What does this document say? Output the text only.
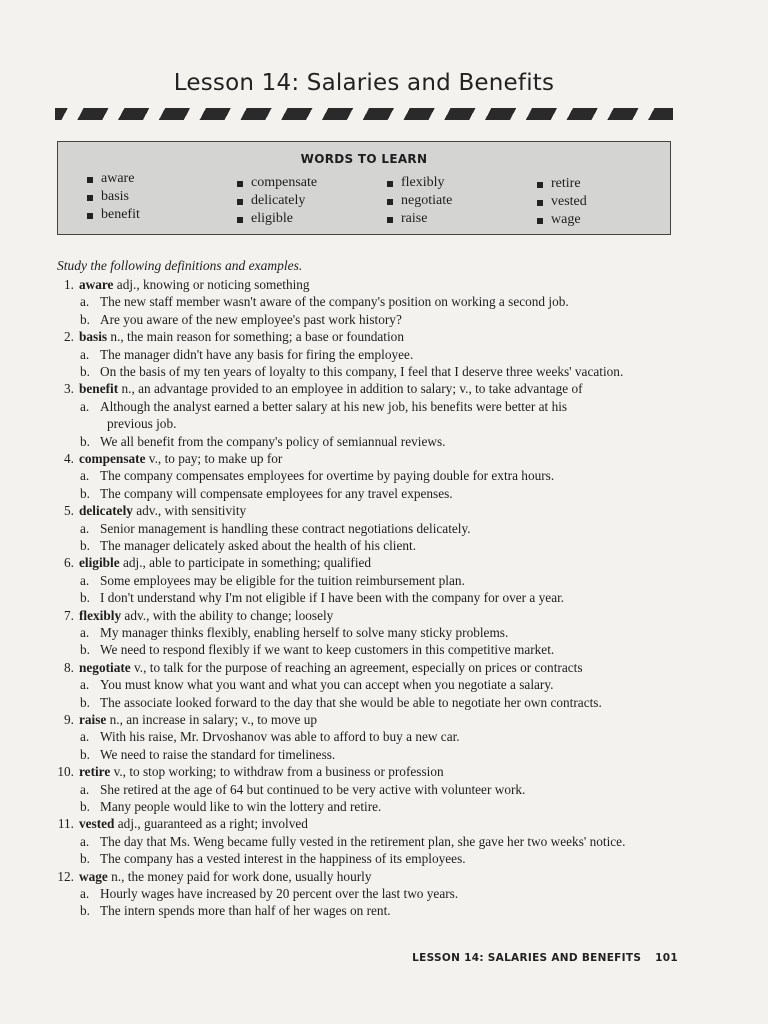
Lesson 14: Salaries and Benefits
WORDS TO LEARN
aware
basis
benefit
compensate
delicately
eligible
flexibly
negotiate
raise
retire
vested
wage
Study the following definitions and examples.
1. aware adj., knowing or noticing something
a. The new staff member wasn't aware of the company's position on working a second job.
b. Are you aware of the new employee's past work history?
2. basis n., the main reason for something; a base or foundation
a. The manager didn't have any basis for firing the employee.
b. On the basis of my ten years of loyalty to this company, I feel that I deserve three weeks' vacation.
3. benefit n., an advantage provided to an employee in addition to salary; v., to take advantage of
a. Although the analyst earned a better salary at his new job, his benefits were better at his
previous job.
b. We all benefit from the company's policy of semiannual reviews.
4. compensate v., to pay; to make up for
a. The company compensates employees for overtime by paying double for extra hours.
b. The company will compensate employees for any travel expenses.
5. delicately adv., with sensitivity
a. Senior management is handling these contract negotiations delicately.
b. The manager delicately asked about the health of his client.
6. eligible adj., able to participate in something; qualified
a. Some employees may be eligible for the tuition reimbursement plan.
b. I don't understand why I'm not eligible if I have been with the company for over a year.
7. flexibly adv., with the ability to change; loosely
a. My manager thinks flexibly, enabling herself to solve many sticky problems.
b. We need to respond flexibly if we want to keep customers in this competitive market.
8. negotiate v., to talk for the purpose of reaching an agreement, especially on prices or contracts
a. You must know what you want and what you can accept when you negotiate a salary.
b. The associate looked forward to the day that she would be able to negotiate her own contracts.
9. raise n., an increase in salary; v., to move up
a. With his raise, Mr. Drvoshanov was able to afford to buy a new car.
b. We need to raise the standard for timeliness.
10. retire v., to stop working; to withdraw from a business or profession
a. She retired at the age of 64 but continued to be very active with volunteer work.
b. Many people would like to win the lottery and retire.
11. vested adj., guaranteed as a right; involved
a. The day that Ms. Weng became fully vested in the retirement plan, she gave her two weeks' notice.
b. The company has a vested interest in the happiness of its employees.
12. wage n., the money paid for work done, usually hourly
a. Hourly wages have increased by 20 percent over the last two years.
b. The intern spends more than half of her wages on rent.
LESSON 14: SALARIES AND BENEFITS 101
